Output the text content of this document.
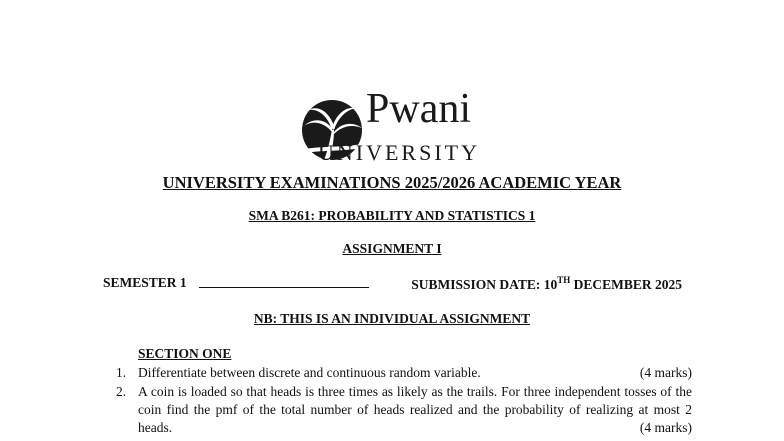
Pwani
UNIVERSITY
UNIVERSITY EXAMINATIONS 2025/2026 ACADEMIC YEAR
SMA B261: PROBABILITY AND STATISTICS 1
ASSIGNMENT I
SEMESTER 1	SUBMISSION DATE: 10TH DECEMBER 2025
NB: THIS IS AN INDIVIDUAL ASSIGNMENT
SECTION ONE
1. Differentiate between discrete and continuous random variable.	(4 marks)
2. A coin is loaded so that heads is three times as likely as the trails. For three independent tosses of the coin find the pmf of the total number of heads realized and the probability of realizing at most 2 heads.	(4 marks)
